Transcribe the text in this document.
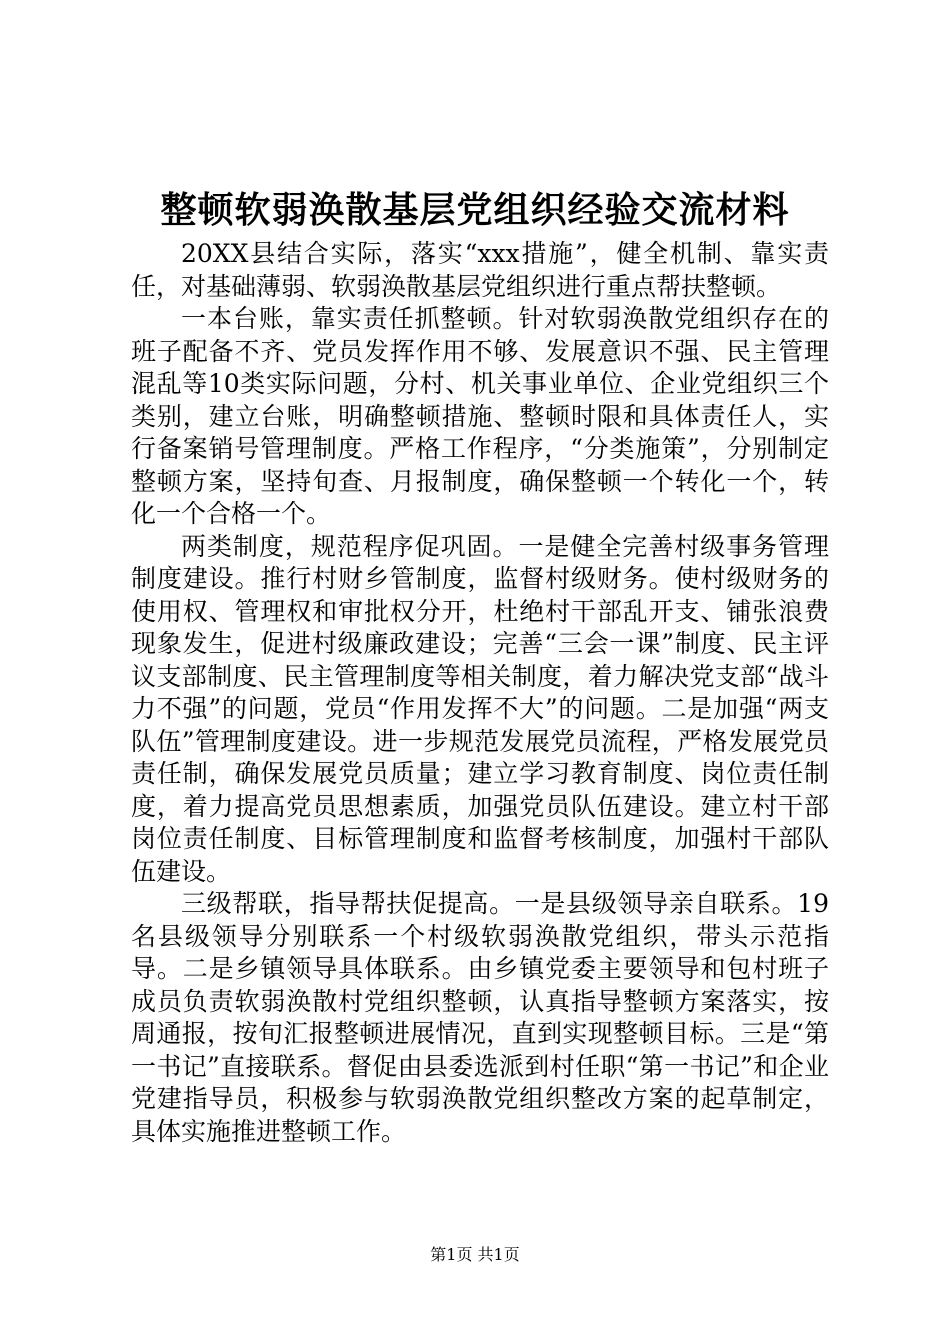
整顿软弱涣散基层党组织经验交流材料

20XX县结合实际，落实“xxx措施”，健全机制、靠实责任，对基础薄弱、软弱涣散基层党组织进行重点帮扶整顿。

一本台账，靠实责任抓整顿。针对软弱涣散党组织存在的班子配备不齐、党员发挥作用不够、发展意识不强、民主管理混乱等10类实际问题，分村、机关事业单位、企业党组织三个类别，建立台账，明确整顿措施、整顿时限和具体责任人，实行备案销号管理制度。严格工作程序，“分类施策”，分别制定整顿方案，坚持旬查、月报制度，确保整顿一个转化一个，转化一个合格一个。

两类制度，规范程序促巩固。一是健全完善村级事务管理制度建设。推行村财乡管制度，监督村级财务。使村级财务的使用权、管理权和审批权分开，杜绝村干部乱开支、铺张浪费现象发生，促进村级廉政建设；完善“三会一课”制度、民主评议支部制度、民主管理制度等相关制度，着力解决党支部“战斗力不强”的问题，党员“作用发挥不大”的问题。二是加强“两支队伍”管理制度建设。进一步规范发展党员流程，严格发展党员责任制，确保发展党员质量；建立学习教育制度、岗位责任制度，着力提高党员思想素质，加强党员队伍建设。建立村干部岗位责任制度、目标管理制度和监督考核制度，加强村干部队伍建设。

三级帮联，指导帮扶促提高。一是县级领导亲自联系。19名县级领导分别联系一个村级软弱涣散党组织，带头示范指导。二是乡镇领导具体联系。由乡镇党委主要领导和包村班子成员负责软弱涣散村党组织整顿，认真指导整顿方案落实，按周通报，按旬汇报整顿进展情况，直到实现整顿目标。三是“第一书记”直接联系。督促由县委选派到村任职“第一书记”和企业党建指导员，积极参与软弱涣散党组织整改方案的起草制定，具体实施推进整顿工作。

第1页 共1页
